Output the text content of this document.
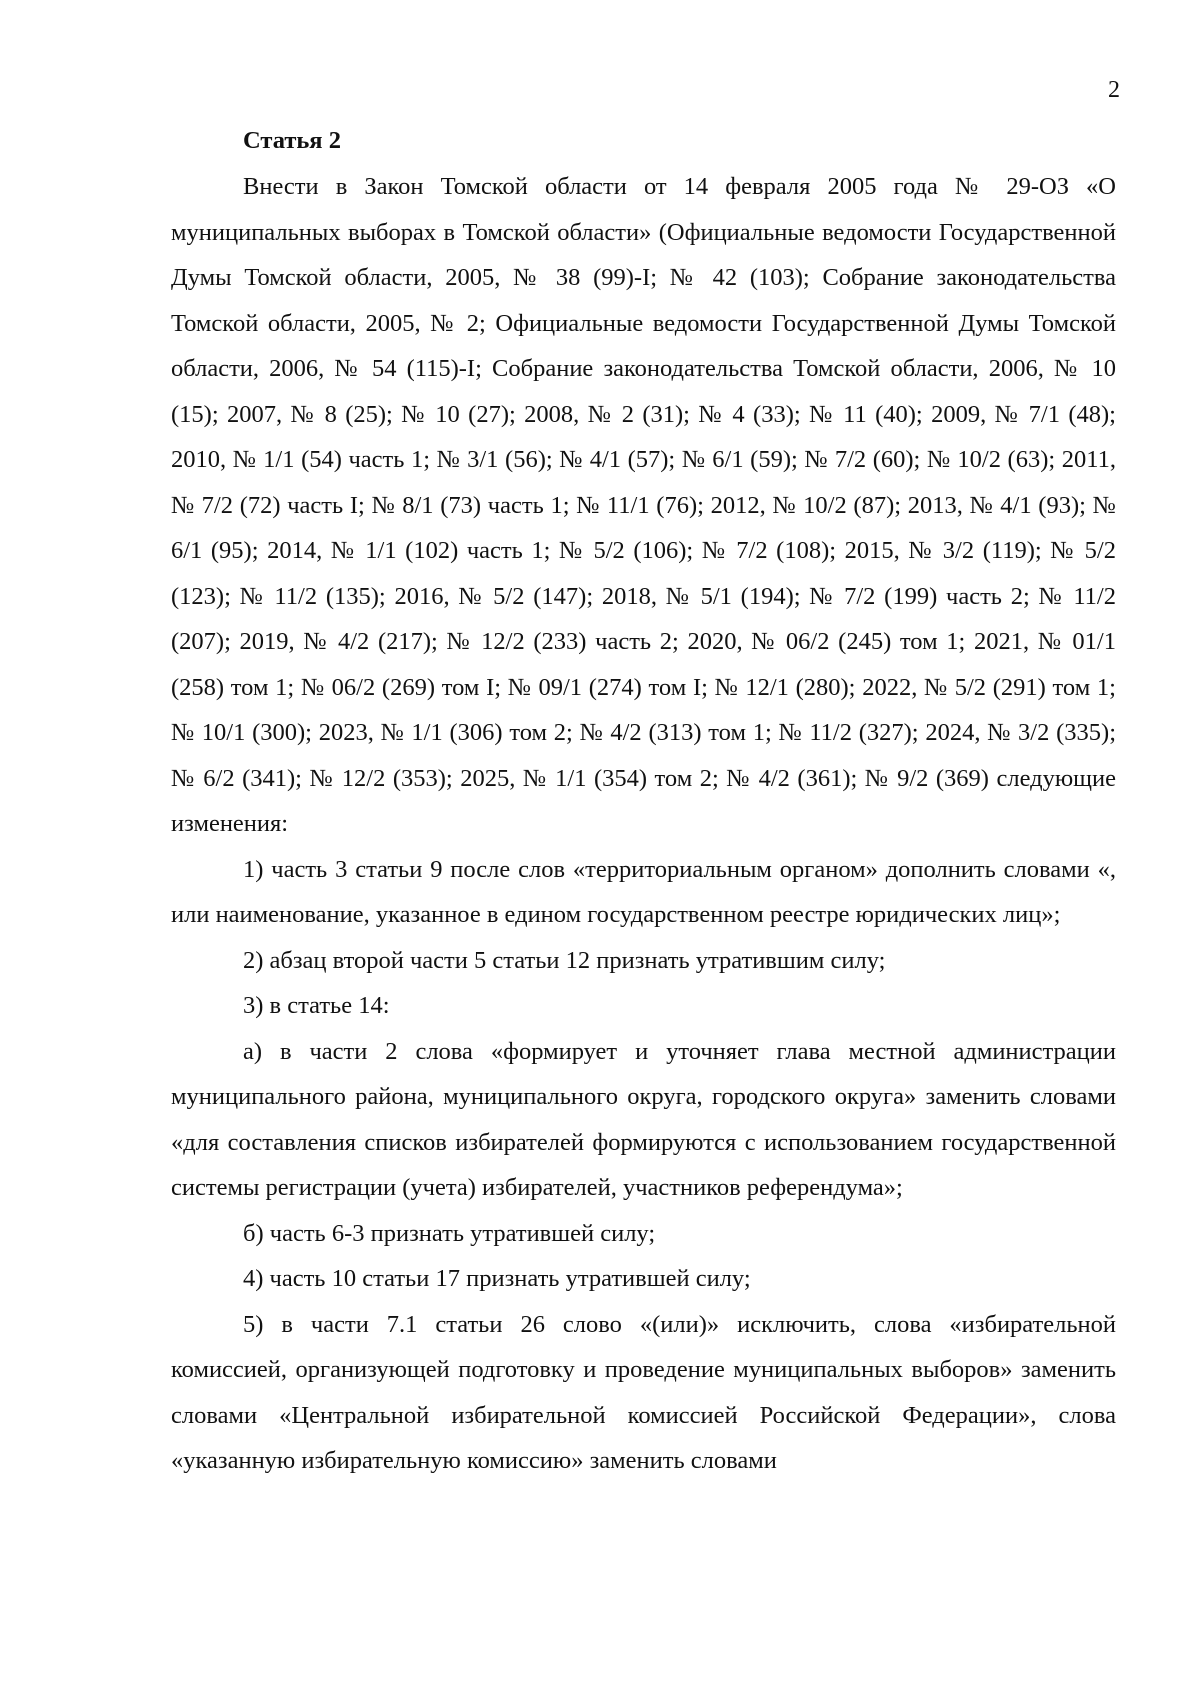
2

Статья 2

Внести в Закон Томской области от 14 февраля 2005 года № 29-ОЗ «О муниципальных выборах в Томской области» (Официальные ведомости Государственной Думы Томской области, 2005, № 38 (99)-I; № 42 (103); Собрание законодательства Томской области, 2005, № 2; Официальные ведомости Государственной Думы Томской области, 2006, № 54 (115)-I; Собрание законодательства Томской области, 2006, № 10 (15); 2007, № 8 (25); № 10 (27); 2008, № 2 (31); № 4 (33); № 11 (40); 2009, № 7/1 (48); 2010, № 1/1 (54) часть 1; № 3/1 (56); № 4/1 (57); № 6/1 (59); № 7/2 (60); № 10/2 (63); 2011, № 7/2 (72) часть I; № 8/1 (73) часть 1; № 11/1 (76); 2012, № 10/2 (87); 2013, № 4/1 (93); № 6/1 (95); 2014, № 1/1 (102) часть 1; № 5/2 (106); № 7/2 (108); 2015, № 3/2 (119); № 5/2 (123); № 11/2 (135); 2016, № 5/2 (147); 2018, № 5/1 (194); № 7/2 (199) часть 2; № 11/2 (207); 2019, № 4/2 (217); № 12/2 (233) часть 2; 2020, № 06/2 (245) том 1; 2021, № 01/1 (258) том 1; № 06/2 (269) том I; № 09/1 (274) том I; № 12/1 (280); 2022, № 5/2 (291) том 1; № 10/1 (300); 2023, № 1/1 (306) том 2; № 4/2 (313) том 1; № 11/2 (327); 2024, № 3/2 (335); № 6/2 (341); № 12/2 (353); 2025, № 1/1 (354) том 2; № 4/2 (361); № 9/2 (369) следующие изменения:

1) часть 3 статьи 9 после слов «территориальным органом» дополнить словами «, или наименование, указанное в едином государственном реестре юридических лиц»;

2) абзац второй части 5 статьи 12 признать утратившим силу;

3) в статье 14:

а) в части 2 слова «формирует и уточняет глава местной администрации муниципального района, муниципального округа, городского округа» заменить словами «для составления списков избирателей формируются с использованием государственной системы регистрации (учета) избирателей, участников референдума»;

б) часть 6-3 признать утратившей силу;

4) часть 10 статьи 17 признать утратившей силу;

5) в части 7.1 статьи 26 слово «(или)» исключить, слова «избирательной комиссией, организующей подготовку и проведение муниципальных выборов» заменить словами «Центральной избирательной комиссией Российской Федерации», слова «указанную избирательную комиссию» заменить словами
